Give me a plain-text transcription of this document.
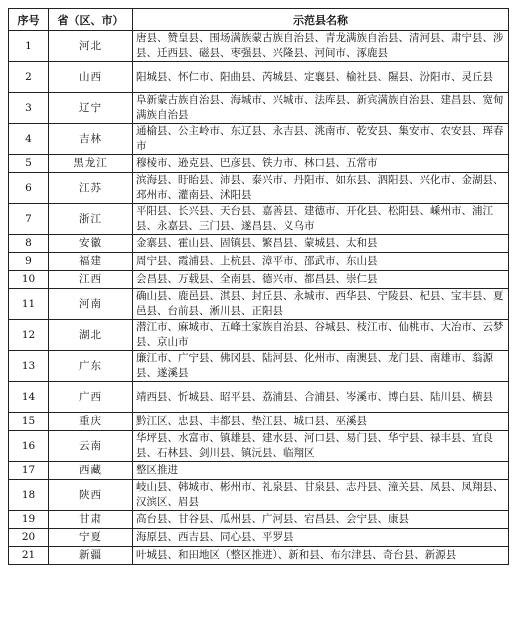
序号	省（区、市）	示范县名称
1	河北	唐县、赞皇县、围场满族蒙古族自治县、青龙满族自治县、清河县、肃宁县、涉县、迁西县、磁县、枣强县、兴隆县、河间市、涿鹿县
2	山西	阳城县、怀仁市、阳曲县、芮城县、定襄县、榆社县、隰县、汾阳市、灵丘县
3	辽宁	阜新蒙古族自治县、海城市、兴城市、法库县、新宾满族自治县、建昌县、宽甸满族自治县
4	吉林	通榆县、公主岭市、东辽县、永吉县、洮南市、乾安县、集安市、农安县、珲春市
5	黑龙江	穆棱市、逊克县、巴彦县、铁力市、林口县、五常市
6	江苏	滨海县、盱眙县、沛县、泰兴市、丹阳市、如东县、泗阳县、兴化市、金湖县、邳州市、灌南县、沭阳县
7	浙江	平阳县、长兴县、天台县、嘉善县、建德市、开化县、松阳县、嵊州市、浦江县、永嘉县、三门县、遂昌县、义乌市
8	安徽	金寨县、霍山县、固镇县、繁昌县、蒙城县、太和县
9	福建	周宁县、霞浦县、上杭县、漳平市、邵武市、东山县
10	江西	会昌县、万载县、全南县、德兴市、都昌县、崇仁县
11	河南	确山县、鹿邑县、淇县、封丘县、永城市、西华县、宁陵县、杞县、宝丰县、夏邑县、台前县、淅川县、正阳县
12	湖北	潜江市、麻城市、五峰土家族自治县、谷城县、枝江市、仙桃市、大冶市、云梦县、京山市
13	广东	廉江市、广宁县、佛冈县、陆河县、化州市、南澳县、龙门县、南雄市、翁源县、遂溪县
14	广西	靖西县、忻城县、昭平县、荔浦县、合浦县、岑溪市、博白县、陆川县、横县
15	重庆	黔江区、忠县、丰都县、垫江县、城口县、巫溪县
16	云南	华坪县、水富市、镇雄县、建水县、河口县、易门县、华宁县、禄丰县、宜良县、石林县、剑川县、镇沅县、临翔区
17	西藏	整区推进
18	陕西	岐山县、韩城市、彬州市、礼泉县、甘泉县、志丹县、潼关县、凤县、凤翔县、汉滨区、眉县
19	甘肃	高台县、甘谷县、瓜州县、广河县、宕昌县、会宁县、康县
20	宁夏	海原县、西吉县、同心县、平罗县
21	新疆	叶城县、和田地区（整区推进）、新和县、布尔津县、奇台县、新源县
